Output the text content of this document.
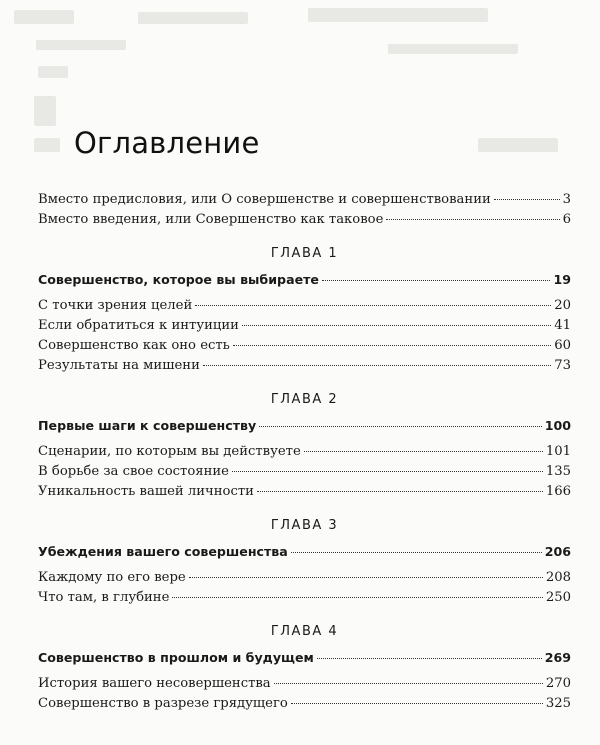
Оглавление
Вместо предисловия, или О совершенстве и совершенствовании	3
Вместо введения, или Совершенство как таковое	6
ГЛАВА 1
Совершенство, которое вы выбираете	19
С точки зрения целей	20
Если обратиться к интуиции	41
Совершенство как оно есть	60
Результаты на мишени	73
ГЛАВА 2
Первые шаги к совершенству	100
Сценарии, по которым вы действуете	101
В борьбе за свое состояние	135
Уникальность вашей личности	166
ГЛАВА 3
Убеждения вашего совершенства	206
Каждому по его вере	208
Что там, в глубине	250
ГЛАВА 4
Совершенство в прошлом и будущем	269
История вашего несовершенства	270
Совершенство в разрезе грядущего	325
